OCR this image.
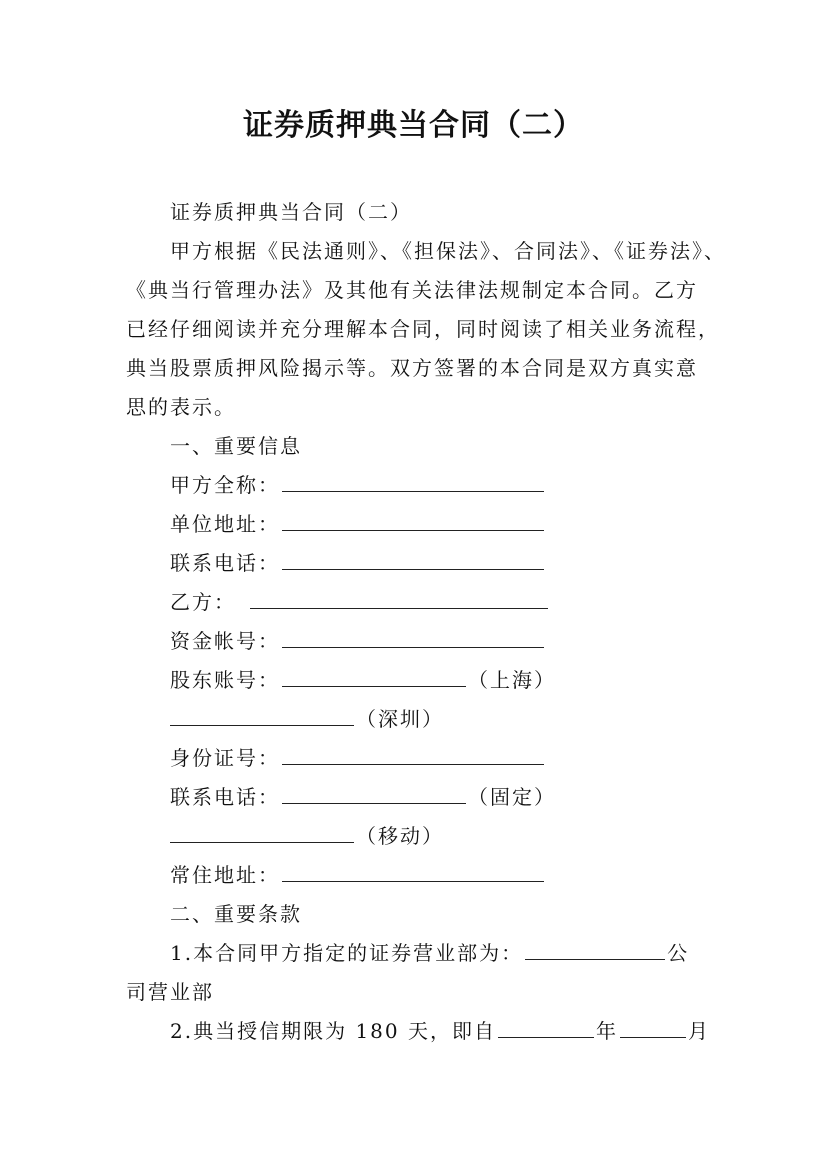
证券质押典当合同（二）
证券质押典当合同（二）
甲方根据《民法通则》、《担保法》、合同法》、《证券法》、
《典当行管理办法》及其他有关法律法规制定本合同。乙方
已经仔细阅读并充分理解本合同，同时阅读了相关业务流程，
典当股票质押风险揭示等。双方签署的本合同是双方真实意
思的表示。
一、重要信息
甲方全称：
单位地址：
联系电话：
乙方：
资金帐号：
股东账号：	（上海）
（深圳）
身份证号：
联系电话：	（固定）
（移动）
常住地址：
二、重要条款
1.本合同甲方指定的证券营业部为：	公
司营业部
2.典当授信期限为 180 天，即自	年	月
